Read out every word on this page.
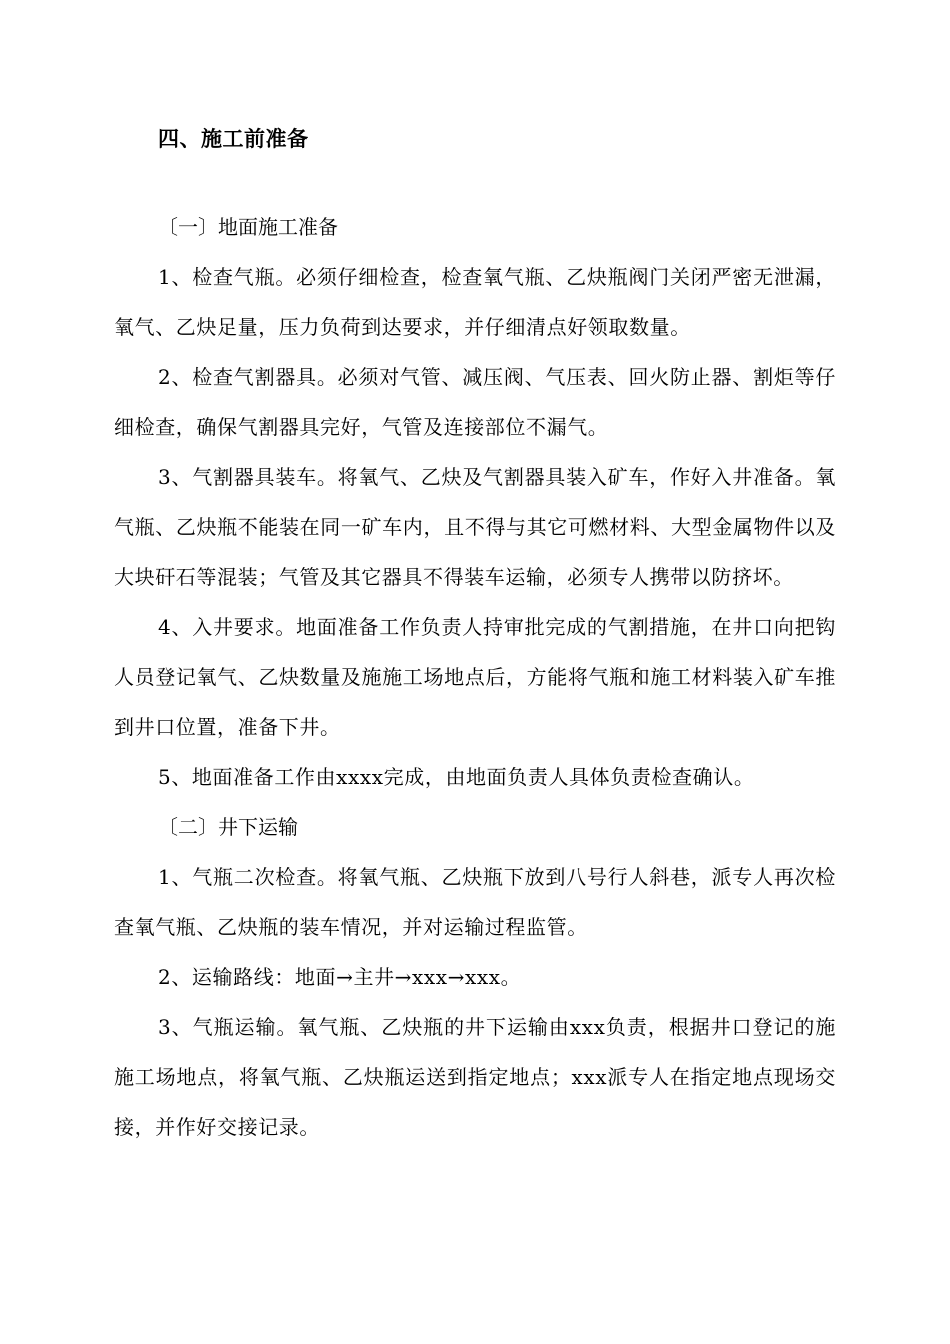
四、施工前准备
〔一〕地面施工准备

1、检查气瓶。必须仔细检查，检查氧气瓶、乙炔瓶阀门关闭严密无泄漏，氧气、乙炔足量，压力负荷到达要求，并仔细清点好领取数量。

2、检查气割器具。必须对气管、减压阀、气压表、回火防止器、割炬等仔细检查，确保气割器具完好，气管及连接部位不漏气。

3、气割器具装车。将氧气、乙炔及气割器具装入矿车，作好入井准备。氧气瓶、乙炔瓶不能装在同一矿车内，且不得与其它可燃材料、大型金属物件以及大块矸石等混装；气管及其它器具不得装车运输，必须专人携带以防挤坏。

4、入井要求。地面准备工作负责人持审批完成的气割措施，在井口向把钩人员登记氧气、乙炔数量及施施工场地点后，方能将气瓶和施工材料装入矿车推到井口位置，准备下井。

5、地面准备工作由xxxx完成，由地面负责人具体负责检查确认。

〔二〕井下运输

1、气瓶二次检查。将氧气瓶、乙炔瓶下放到八号行人斜巷，派专人再次检查氧气瓶、乙炔瓶的装车情况，并对运输过程监管。

2、运输路线：地面→主井→xxx→xxx。

3、气瓶运输。氧气瓶、乙炔瓶的井下运输由xxx负责，根据井口登记的施施工场地点，将氧气瓶、乙炔瓶运送到指定地点；xxx派专人在指定地点现场交接，并作好交接记录。
